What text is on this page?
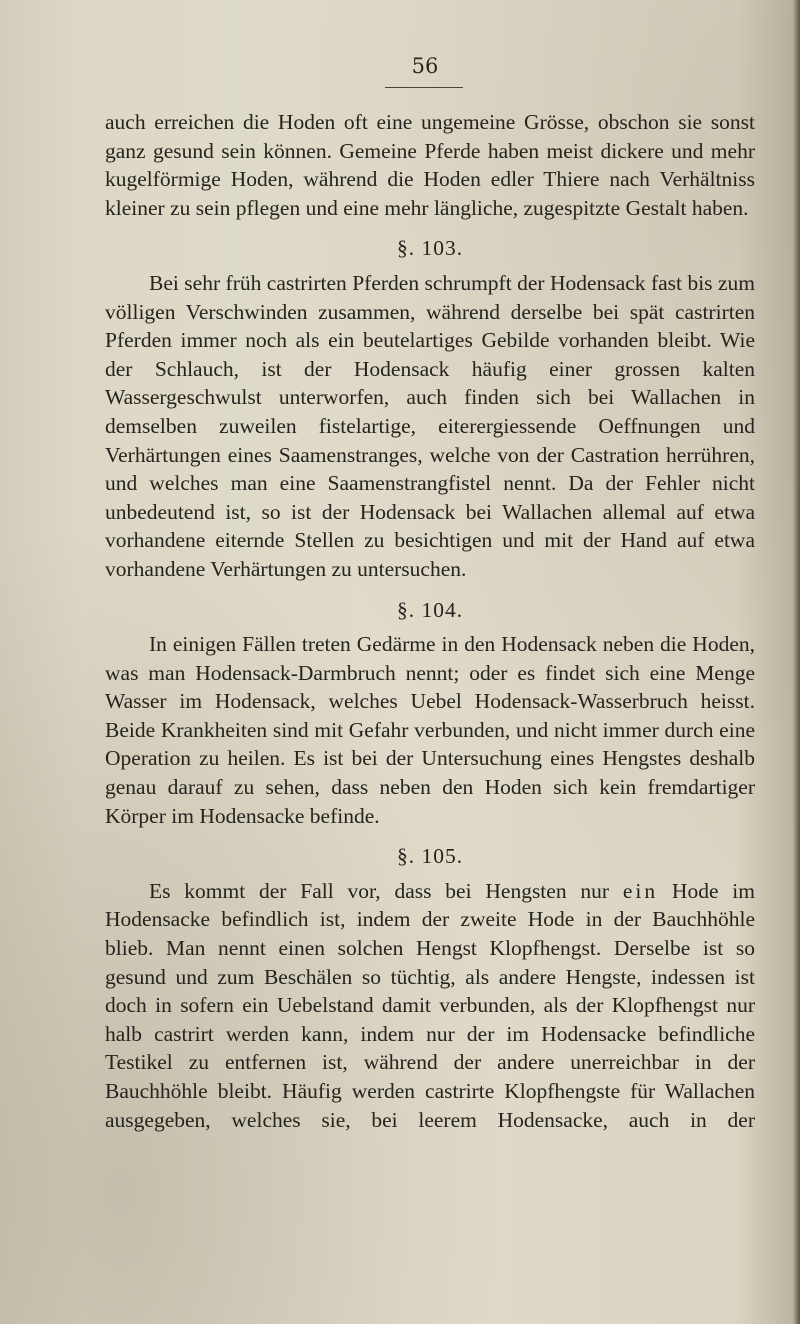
56

auch erreichen die Hoden oft eine ungemeine Grösse, obschon sie sonst ganz gesund sein können. Gemeine Pferde haben meist dickere und mehr kugelförmige Hoden, während die Hoden edler Thiere nach Verhältniss kleiner zu sein pflegen und eine mehr längliche, zugespitzte Gestalt haben.

§. 103.

Bei sehr früh castrirten Pferden schrumpft der Hodensack fast bis zum völligen Verschwinden zusammen, während derselbe bei spät castrirten Pferden immer noch als ein beutelartiges Gebilde vorhanden bleibt. Wie der Schlauch, ist der Hodensack häufig einer grossen kalten Wassergeschwulst unterworfen, auch finden sich bei Wallachen in demselben zuweilen fistelartige, eiterergiessende Oeffnungen und Verhärtungen eines Saamenstranges, welche von der Castration herrühren, und welches man eine Saamenstrangfistel nennt. Da der Fehler nicht unbedeutend ist, so ist der Hodensack bei Wallachen allemal auf etwa vorhandene eiternde Stellen zu besichtigen und mit der Hand auf etwa vorhandene Verhärtungen zu untersuchen.

§. 104.

In einigen Fällen treten Gedärme in den Hodensack neben die Hoden, was man Hodensack-Darmbruch nennt; oder es findet sich eine Menge Wasser im Hodensack, welches Uebel Hodensack-Wasserbruch heisst. Beide Krankheiten sind mit Gefahr verbunden, und nicht immer durch eine Operation zu heilen. Es ist bei der Untersuchung eines Hengstes deshalb genau darauf zu sehen, dass neben den Hoden sich kein fremdartiger Körper im Hodensacke befinde.

§. 105.

Es kommt der Fall vor, dass bei Hengsten nur ein Hode im Hodensacke befindlich ist, indem der zweite Hode in der Bauchhöhle blieb. Man nennt einen solchen Hengst Klopfhengst. Derselbe ist so gesund und zum Beschälen so tüchtig, als andere Hengste, indessen ist doch in sofern ein Uebelstand damit verbunden, als der Klopfhengst nur halb castrirt werden kann, indem nur der im Hodensacke befindliche Testikel zu entfernen ist, während der andere unerreichbar in der Bauchhöhle bleibt. Häufig werden castrirte Klopfhengste für Wallachen ausgegeben, welches sie, bei leerem Hodensacke, auch in der
